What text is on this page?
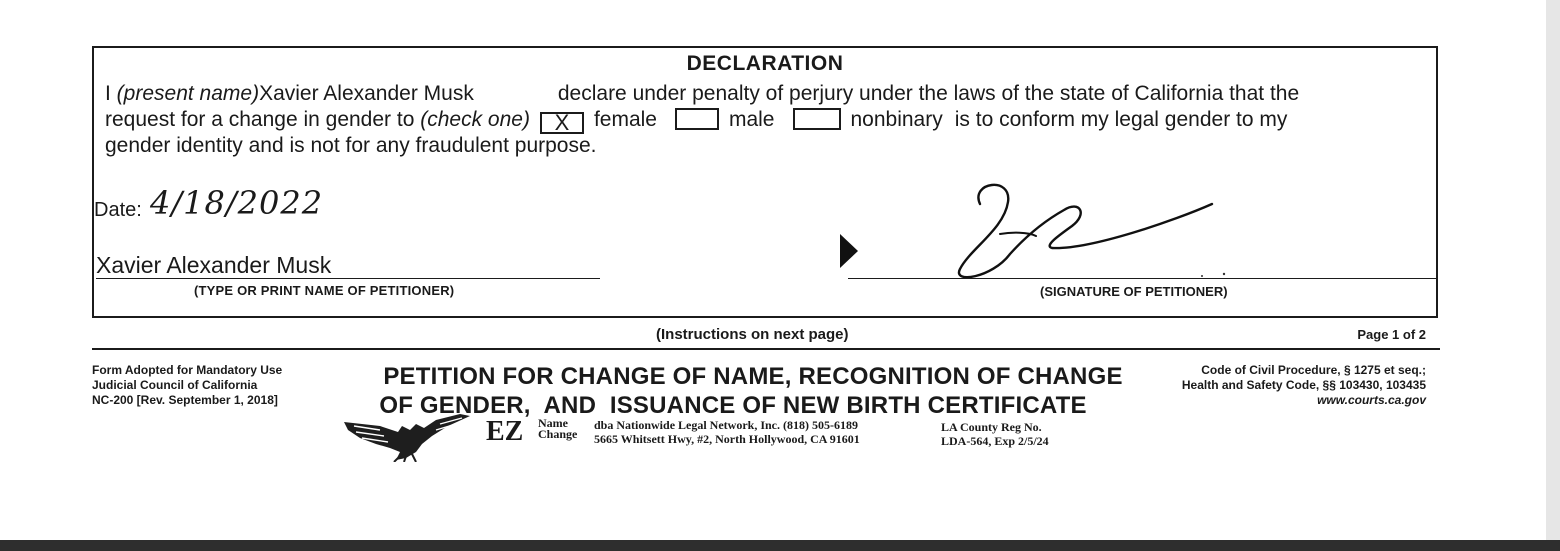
DECLARATION
I (present name)Xavier Alexander Musk	declare under penalty of perjury under the laws of the state of California that the
request for a change in gender to (check one) X female	male	nonbinary is to conform my legal gender to my
gender identity and is not for any fraudulent purpose.
Date: 4/18/2022
Xavier Alexander Musk
(TYPE OR PRINT NAME OF PETITIONER)	(SIGNATURE OF PETITIONER)
(Instructions on next page)	Page 1 of 2
Form Adopted for Mandatory Use
Judicial Council of California
NC-200 [Rev. September 1, 2018]
PETITION FOR CHANGE OF NAME, RECOGNITION OF CHANGE
OF GENDER,  AND  ISSUANCE OF NEW BIRTH CERTIFICATE
Code of Civil Procedure, § 1275 et seq.;
Health and Safety Code, §§ 103430, 103435
www.courts.ca.gov
EZ Name
Change
dba Nationwide Legal Network, Inc. (818) 505-6189
5665 Whitsett Hwy, #2, North Hollywood, CA 91601
LA County Reg No.
LDA-564, Exp 2/5/24
